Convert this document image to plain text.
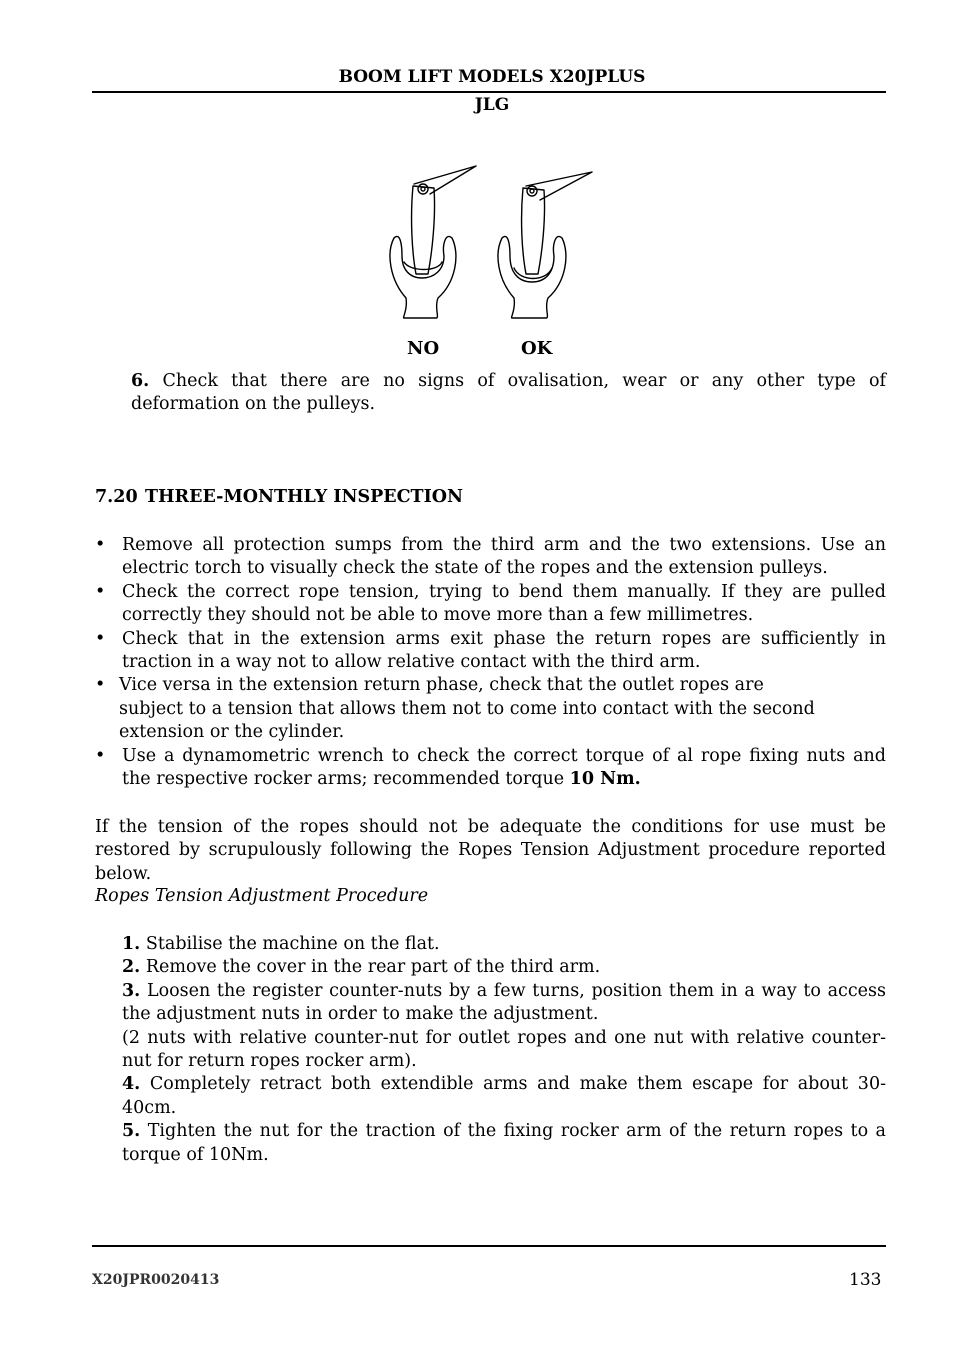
BOOM LIFT MODELS X20JPLUS
JLG
NO	OK

6. Check that there are no signs of ovalisation, wear or any other type of deformation on the pulleys.

7.20 THREE-MONTHLY INSPECTION
• Remove all protection sumps from the third arm and the two extensions. Use an electric torch to visually check the state of the ropes and the extension pulleys.
• Check the correct rope tension, trying to bend them manually. If they are pulled correctly they should not be able to move more than a few millimetres.
• Check that in the extension arms exit phase the return ropes are sufficiently in traction in a way not to allow relative contact with the third arm.
• Vice versa in the extension return phase, check that the outlet ropes are subject to a tension that allows them not to come into contact with the second extension or the cylinder.
• Use a dynamometric wrench to check the correct torque of al rope fixing nuts and the respective rocker arms; recommended torque 10 Nm.

If the tension of the ropes should not be adequate the conditions for use must be restored by scrupulously following the Ropes Tension Adjustment procedure reported below.

Ropes Tension Adjustment Procedure
1. Stabilise the machine on the flat.
2. Remove the cover in the rear part of the third arm.
3. Loosen the register counter-nuts by a few turns, position them in a way to access the adjustment nuts in order to make the adjustment.
(2 nuts with relative counter-nut for outlet ropes and one nut with relative counter-nut for return ropes rocker arm).
4. Completely retract both extendible arms and make them escape for about 30-40cm.
5. Tighten the nut for the traction of the fixing rocker arm of the return ropes to a torque of 10Nm.
X20JPR0020413	133
